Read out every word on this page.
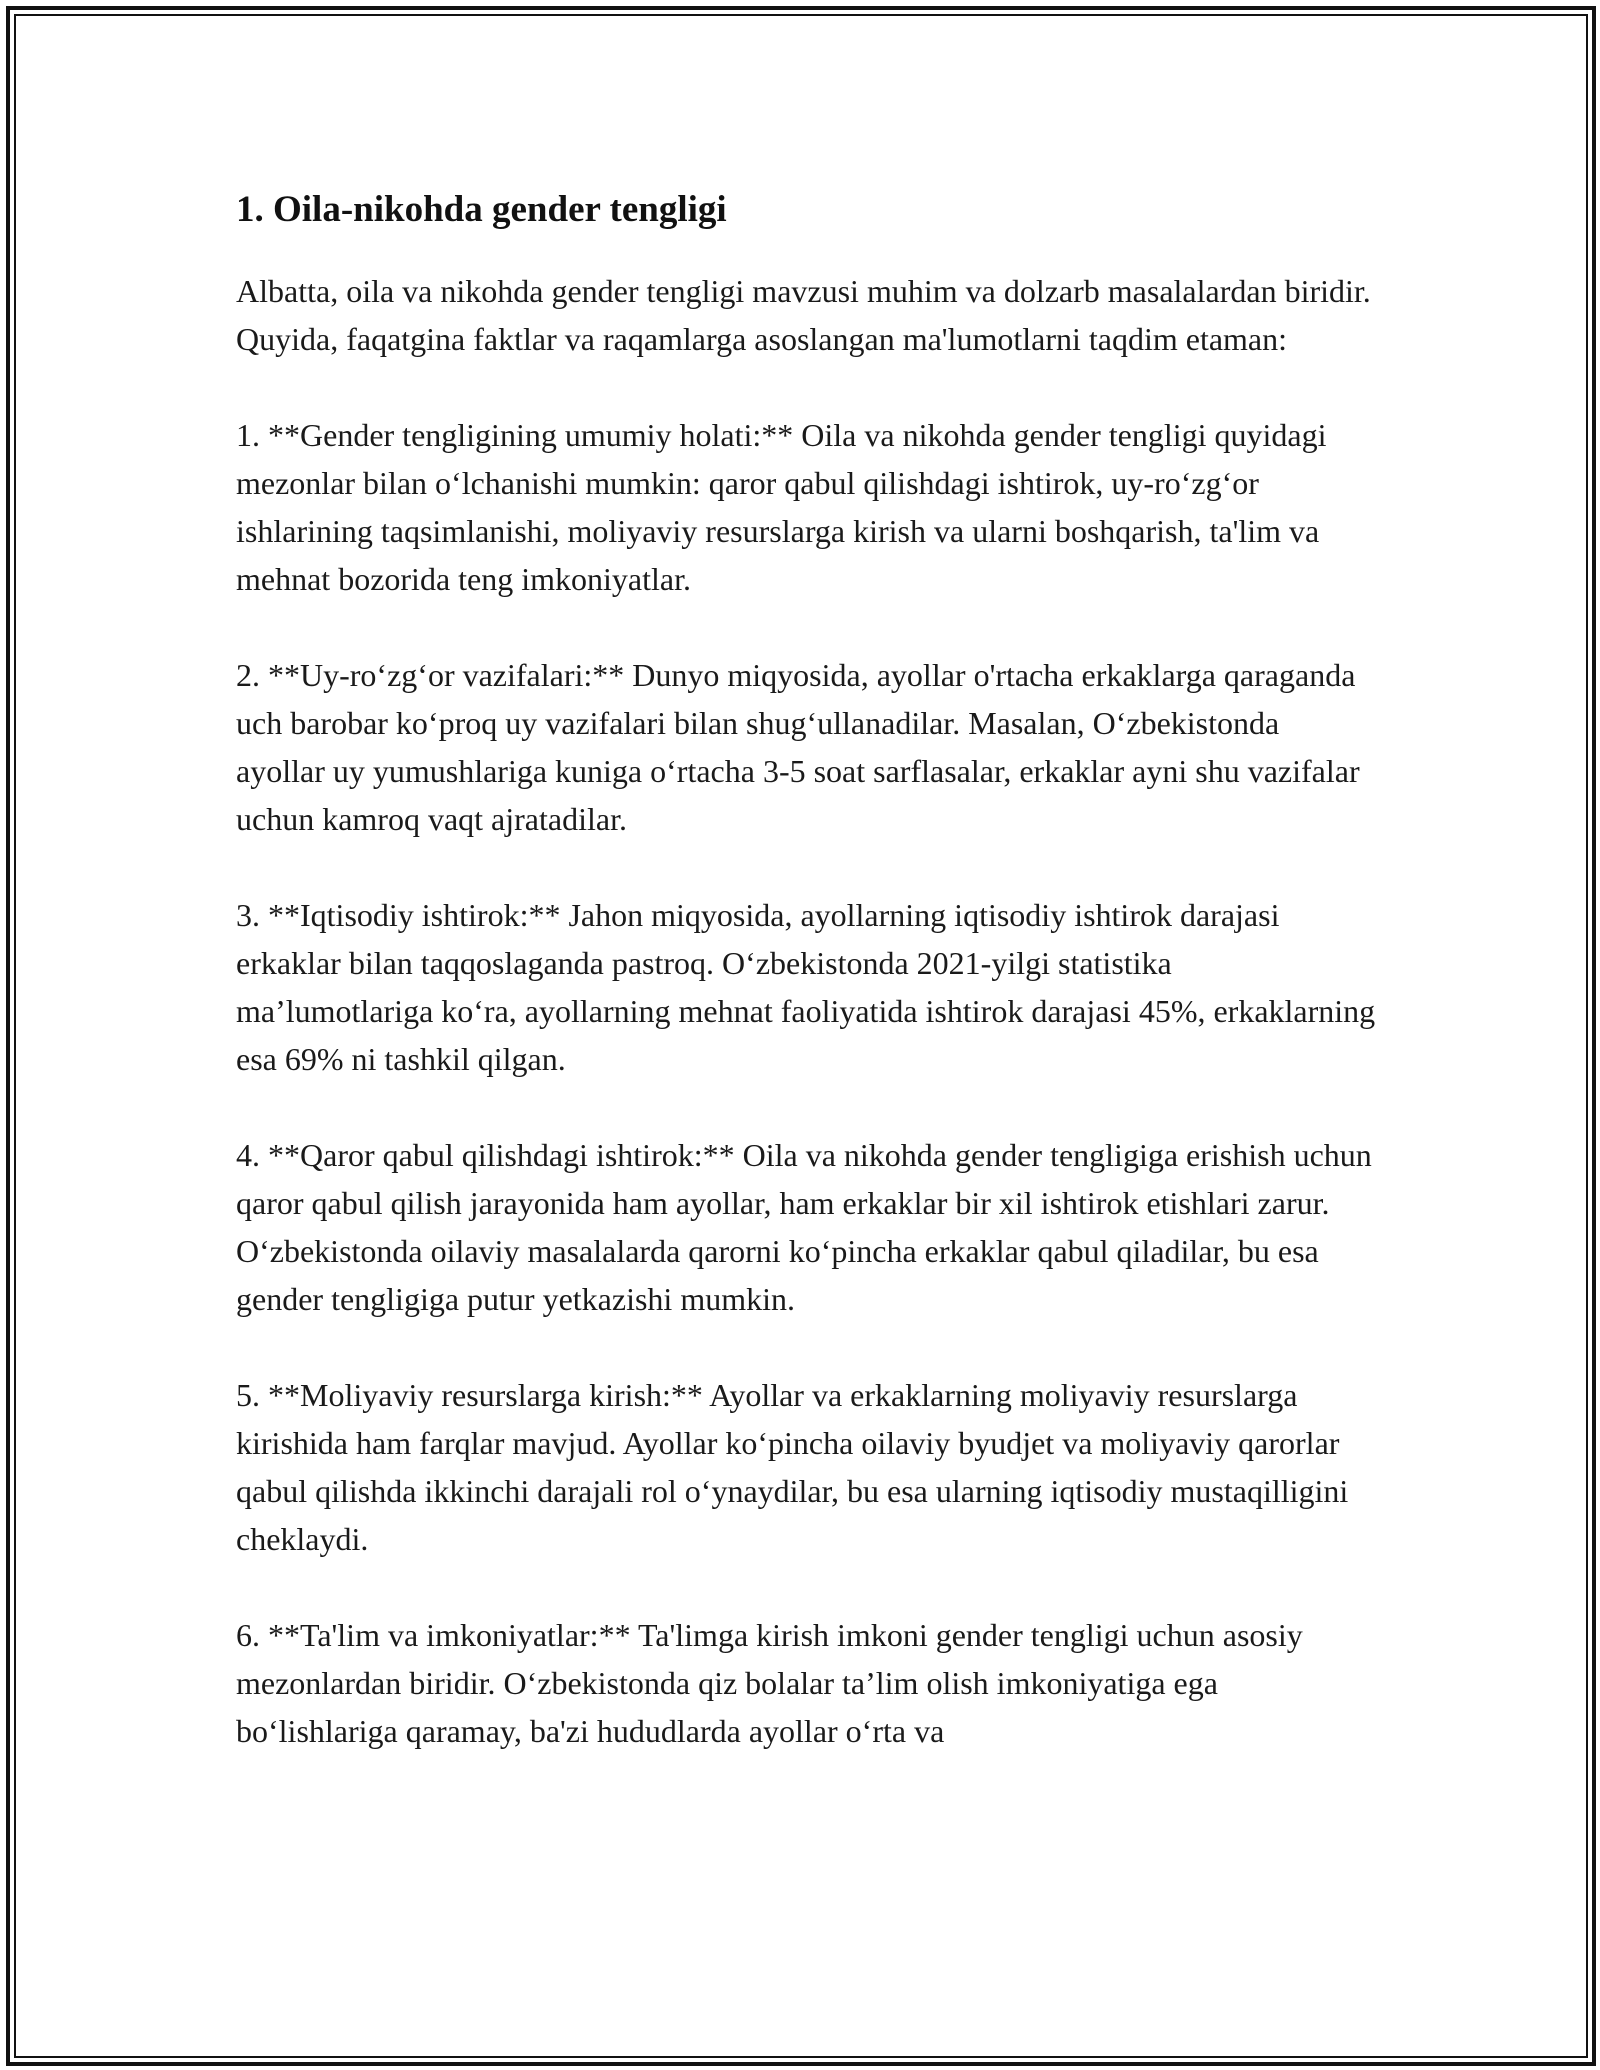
1. Oila-nikohda gender tengligi

Albatta, oila va nikohda gender tengligi mavzusi muhim va dolzarb masalalardan biridir. Quyida, faqatgina faktlar va raqamlarga asoslangan ma'lumotlarni taqdim etaman:

1. **Gender tengligining umumiy holati:** Oila va nikohda gender tengligi quyidagi mezonlar bilan o‘lchanishi mumkin: qaror qabul qilishdagi ishtirok, uy-ro‘zg‘or ishlarining taqsimlanishi, moliyaviy resurslarga kirish va ularni boshqarish, ta'lim va mehnat bozorida teng imkoniyatlar.

2. **Uy-ro‘zg‘or vazifalari:** Dunyo miqyosida, ayollar o'rtacha erkaklarga qaraganda uch barobar ko‘proq uy vazifalari bilan shug‘ullanadilar. Masalan, O‘zbekistonda ayollar uy yumushlariga kuniga o‘rtacha 3-5 soat sarflasalar, erkaklar ayni shu vazifalar uchun kamroq vaqt ajratadilar.

3. **Iqtisodiy ishtirok:** Jahon miqyosida, ayollarning iqtisodiy ishtirok darajasi erkaklar bilan taqqoslaganda pastroq. O‘zbekistonda 2021-yilgi statistika ma’lumotlariga ko‘ra, ayollarning mehnat faoliyatida ishtirok darajasi 45%, erkaklarning esa 69% ni tashkil qilgan.

4. **Qaror qabul qilishdagi ishtirok:** Oila va nikohda gender tengligiga erishish uchun qaror qabul qilish jarayonida ham ayollar, ham erkaklar bir xil ishtirok etishlari zarur. O‘zbekistonda oilaviy masalalarda qarorni ko‘pincha erkaklar qabul qiladilar, bu esa gender tengligiga putur yetkazishi mumkin.

5. **Moliyaviy resurslarga kirish:** Ayollar va erkaklarning moliyaviy resurslarga kirishida ham farqlar mavjud. Ayollar ko‘pincha oilaviy byudjet va moliyaviy qarorlar qabul qilishda ikkinchi darajali rol o‘ynaydilar, bu esa ularning iqtisodiy mustaqilligini cheklaydi.

6. **Ta'lim va imkoniyatlar:** Ta'limga kirish imkoni gender tengligi uchun asosiy mezonlardan biridir. O‘zbekistonda qiz bolalar ta’lim olish imkoniyatiga ega bo‘lishlariga qaramay, ba'zi hududlarda ayollar o‘rta va
